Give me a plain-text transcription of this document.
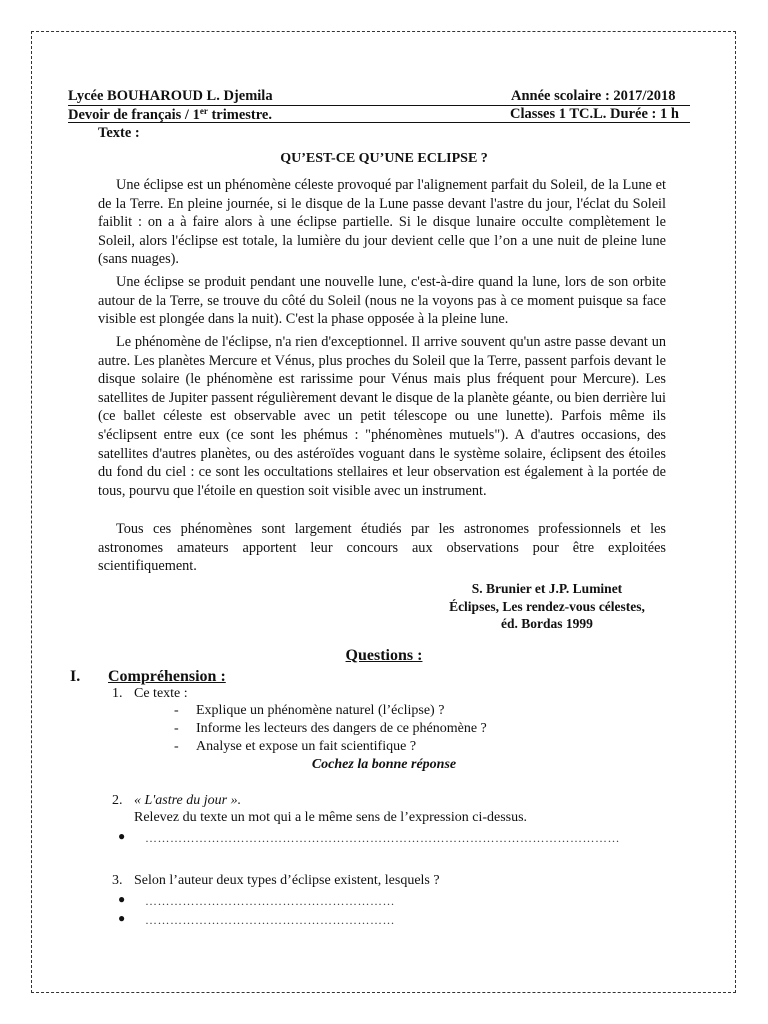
Lycée BOUHAROUD L. Djemila	Année scolaire : 2017/2018
Devoir de français / 1er trimestre.	Classes 1 TC.L. Durée : 1 h
Texte :
QU’EST-CE QU’UNE ECLIPSE ?

Une éclipse est un phénomène céleste provoqué par l'alignement parfait du Soleil, de la Lune et de la Terre. En pleine journée, si le disque de la Lune passe devant l'astre du jour, l'éclat du Soleil faiblit : on a à faire alors à une éclipse partielle. Si le disque lunaire occulte complètement le Soleil, alors l'éclipse est totale, la lumière du jour devient celle que l’on a une nuit de pleine lune (sans nuages).

Une éclipse se produit pendant une nouvelle lune, c'est-à-dire quand la lune, lors de son orbite autour de la Terre, se trouve du côté du Soleil (nous ne la voyons pas à ce moment puisque sa face visible est plongée dans la nuit). C'est la phase opposée à la pleine lune.

Le phénomène de l'éclipse, n'a rien d'exceptionnel. Il arrive souvent qu'un astre passe devant un autre. Les planètes Mercure et Vénus, plus proches du Soleil que la Terre, passent parfois devant le disque solaire (le phénomène est rarissime pour Vénus mais plus fréquent pour Mercure). Les satellites de Jupiter passent régulièrement devant le disque de la planète géante, ou bien derrière lui (ce ballet céleste est observable avec un petit télescope ou une lunette). Parfois même ils s'éclipsent entre eux (ce sont les phémus : "phénomènes mutuels"). A d'autres occasions, des satellites d'autres planètes, ou des astéroïdes voguant dans le système solaire, éclipsent des étoiles du fond du ciel : ce sont les occultations stellaires et leur observation est également à la portée de tous, pourvu que l'étoile en question soit visible avec un instrument.

Tous ces phénomènes sont largement étudiés par les astronomes professionnels et les astronomes amateurs apportent leur concours aux observations pour être exploitées scientifiquement.

S. Brunier et J.P. Luminet
Éclipses, Les rendez-vous célestes,
éd. Bordas 1999
Questions :
I. Compréhension :
1. Ce texte :
- Explique un phénomène naturel (l’éclipse) ?
- Informe les lecteurs des dangers de ce phénomène ?
- Analyse et expose un fait scientifique ?
Cochez la bonne réponse
2. « L'astre du jour ».
Relevez du texte un mot qui a le même sens de l’expression ci-dessus.
● ……………………………………………………………………………………………………
3. Selon l’auteur deux types d’éclipse existent, lesquels ?
● ……………………………………………………
● ……………………………………………………
